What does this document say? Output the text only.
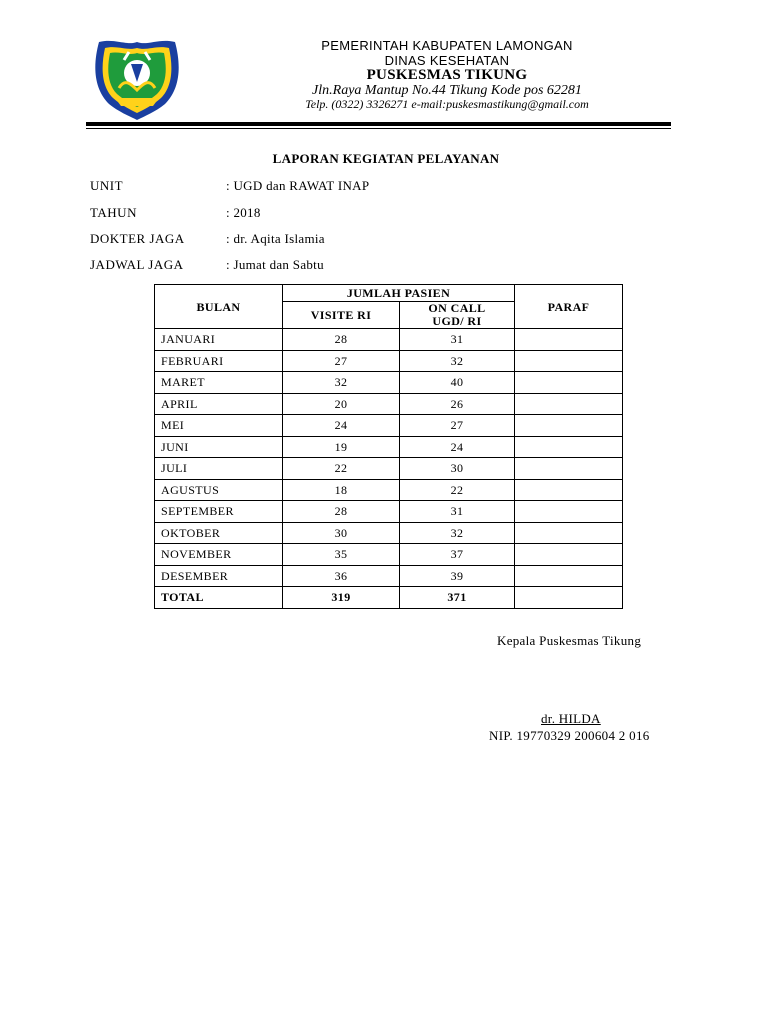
PEMERINTAH KABUPATEN LAMONGAN
DINAS KESEHATAN
PUSKESMAS TIKUNG
Jln.Raya Mantup No.44 Tikung Kode pos 62281
Telp. (0322) 3326271 e-mail:puskesmastikung@gmail.com
LAPORAN KEGIATAN PELAYANAN
UNIT	: UGD dan RAWAT INAP
TAHUN	: 2018
DOKTER JAGA	: dr. Aqita Islamia
JADWAL JAGA	: Jumat dan Sabtu
BULAN	JUMLAH PASIEN		PARAF
	VISITE RI	ON CALL
UGD/ RI	
JANUARI	28	31	
FEBRUARI	27	32	
MARET	32	40	
APRIL	20	26	
MEI	24	27	
JUNI	19	24	
JULI	22	30	
AGUSTUS	18	22	
SEPTEMBER	28	31	
OKTOBER	30	32	
NOVEMBER	35	37	
DESEMBER	36	39	
TOTAL	319	371	
Kepala Puskesmas Tikung
dr. HILDA
NIP. 19770329 200604 2 016
